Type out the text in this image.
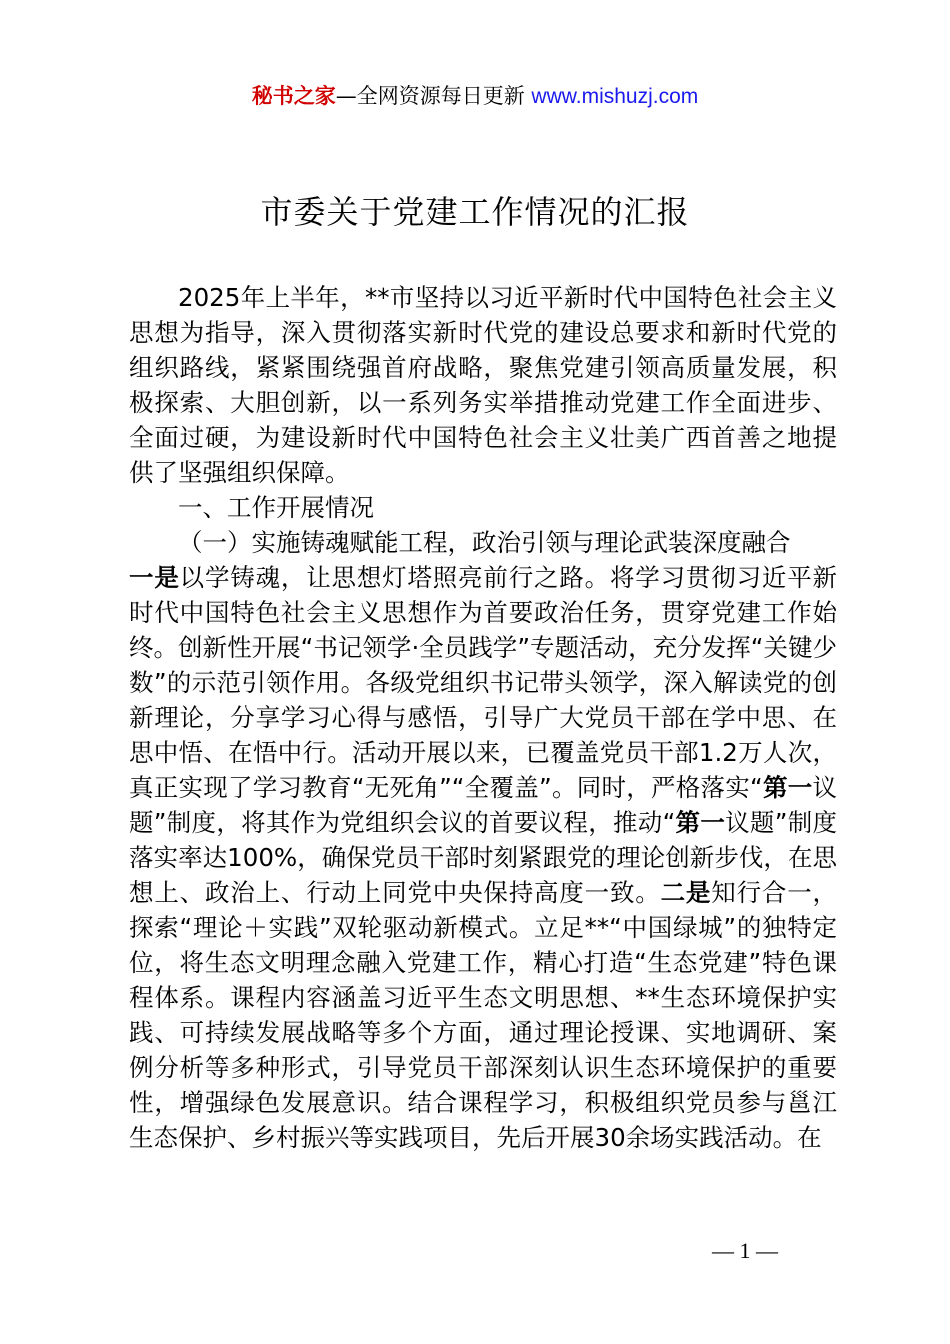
秘书之家—全网资源每日更新 www.mishuzj.com
市委关于党建工作情况的汇报

2025年上半年，**市坚持以习近平新时代中国特色社会主义思想为指导，深入贯彻落实新时代党的建设总要求和新时代党的组织路线，紧紧围绕强首府战略，聚焦党建引领高质量发展，积极探索、大胆创新，以一系列务实举措推动党建工作全面进步、全面过硬，为建设新时代中国特色社会主义壮美广西首善之地提供了坚强组织保障。

一、工作开展情况

（一）实施铸魂赋能工程，政治引领与理论武装深度融合

一是以学铸魂，让思想灯塔照亮前行之路。将学习贯彻习近平新时代中国特色社会主义思想作为首要政治任务，贯穿党建工作始终。创新性开展“书记领学·全员践学”专题活动，充分发挥“关键少数”的示范引领作用。各级党组织书记带头领学，深入解读党的创新理论，分享学习心得与感悟，引导广大党员干部在学中思、在思中悟、在悟中行。活动开展以来，已覆盖党员干部1.2万人次，真正实现了学习教育“无死角”“全覆盖”。同时，严格落实“第一议题”制度，将其作为党组织会议的首要议程，推动“第一议题”制度落实率达100%，确保党员干部时刻紧跟党的理论创新步伐，在思想上、政治上、行动上同党中央保持高度一致。二是知行合一，探索“理论＋实践”双轮驱动新模式。立足**“中国绿城”的独特定位，将生态文明理念融入党建工作，精心打造“生态党建”特色课程体系。课程内容涵盖习近平生态文明思想、**生态环境保护实践、可持续发展战略等多个方面，通过理论授课、实地调研、案例分析等多种形式，引导党员干部深刻认识生态环境保护的重要性，增强绿色发展意识。结合课程学习，积极组织党员参与邕江生态保护、乡村振兴等实践项目，先后开展30余场实践活动。在

— 1 —
